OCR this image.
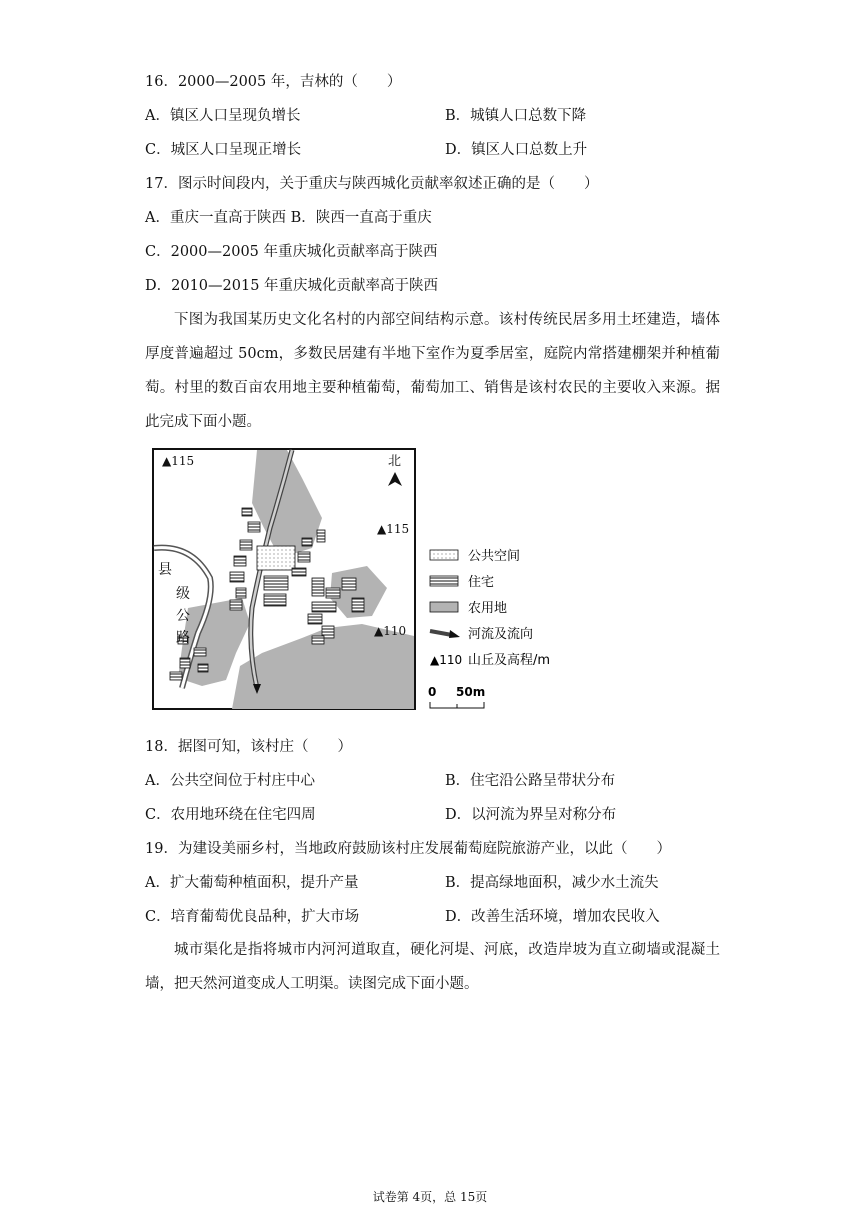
16．2000—2005 年，吉林的（　　）
A．镇区人口呈现负增长	B．城镇人口总数下降
C．城区人口呈现正增长	D．镇区人口总数上升
17．图示时间段内，关于重庆与陕西城化贡献率叙述正确的是（　　）
A．重庆一直高于陕西 B．陕西一直高于重庆
C．2000—2005 年重庆城化贡献率高于陕西
D．2010—2015 年重庆城化贡献率高于陕西
下图为我国某历史文化名村的内部空间结构示意。该村传统民居多用土坯建造，墙体厚度普遍超过 50cm，多数民居建有半地下室作为夏季居室，庭院内常搭建棚架并种植葡萄。村里的数百亩农用地主要种植葡萄，葡萄加工、销售是该村农民的主要收入来源。据此完成下面小题。
▲115
▲115
▲110
北
县
级
公
路
公共空间
住宅
农用地
河流及流向
▲110 山丘及高程/m
0 50m
18．据图可知，该村庄（　　）
A．公共空间位于村庄中心	B．住宅沿公路呈带状分布
C．农用地环绕在住宅四周	D．以河流为界呈对称分布
19．为建设美丽乡村，当地政府鼓励该村庄发展葡萄庭院旅游产业，以此（　　）
A．扩大葡萄种植面积，提升产量	B．提高绿地面积，减少水土流失
C．培育葡萄优良品种，扩大市场	D．改善生活环境，增加农民收入
城市渠化是指将城市内河河道取直，硬化河堤、河底，改造岸坡为直立砌墙或混凝土墙，把天然河道变成人工明渠。读图完成下面小题。
试卷第 4页，总 15页
